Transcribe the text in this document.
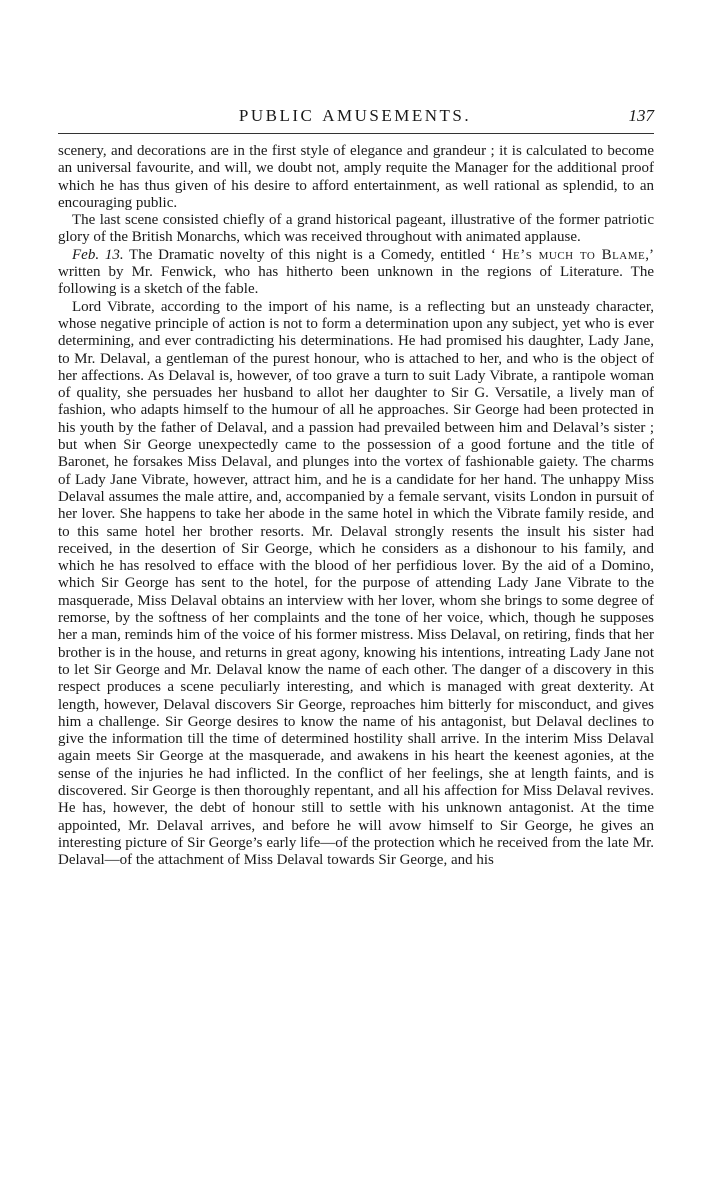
PUBLIC AMUSEMENTS.	137

scenery, and decorations are in the first style of elegance and grandeur ; it is calculated to become an universal favourite, and will, we doubt not, amply requite the Manager for the additional proof which he has thus given of his desire to afford entertainment, as well rational as splendid, to an encouraging public.

The last scene consisted chiefly of a grand historical pageant, illustrative of the former patriotic glory of the British Monarchs, which was received throughout with animated applause.

Feb. 13. The Dramatic novelty of this night is a Comedy, entitled ‘ He’s much to Blame,’ written by Mr. Fenwick, who has hitherto been unknown in the regions of Literature. The following is a sketch of the fable.

Lord Vibrate, according to the import of his name, is a reflecting but an unsteady character, whose negative principle of action is not to form a determination upon any subject, yet who is ever determining, and ever contradicting his determinations. He had promised his daughter, Lady Jane, to Mr. Delaval, a gentleman of the purest honour, who is attached to her, and who is the object of her affections. As Delaval is, however, of too grave a turn to suit Lady Vibrate, a rantipole woman of quality, she persuades her husband to allot her daughter to Sir G. Versatile, a lively man of fashion, who adapts himself to the humour of all he approaches. Sir George had been protected in his youth by the father of Delaval, and a passion had prevailed between him and Delaval’s sister ; but when Sir George unexpectedly came to the possession of a good fortune and the title of Baronet, he forsakes Miss Delaval, and plunges into the vortex of fashionable gaiety. The charms of Lady Jane Vibrate, however, attract him, and he is a candidate for her hand. The unhappy Miss Delaval assumes the male attire, and, accompanied by a female servant, visits London in pursuit of her lover. She happens to take her abode in the same hotel in which the Vibrate family reside, and to this same hotel her brother resorts. Mr. Delaval strongly resents the insult his sister had received, in the desertion of Sir George, which he considers as a dishonour to his family, and which he has resolved to efface with the blood of her perfidious lover. By the aid of a Domino, which Sir George has sent to the hotel, for the purpose of attending Lady Jane Vibrate to the masquerade, Miss Delaval obtains an interview with her lover, whom she brings to some degree of remorse, by the softness of her complaints and the tone of her voice, which, though he supposes her a man, reminds him of the voice of his former mistress. Miss Delaval, on retiring, finds that her brother is in the house, and returns in great agony, knowing his intentions, intreating Lady Jane not to let Sir George and Mr. Delaval know the name of each other. The danger of a discovery in this respect produces a scene peculiarly interesting, and which is managed with great dexterity. At length, however, Delaval discovers Sir George, reproaches him bitterly for misconduct, and gives him a challenge. Sir George desires to know the name of his antagonist, but Delaval declines to give the information till the time of determined hostility shall arrive. In the interim Miss Delaval again meets Sir George at the masquerade, and awakens in his heart the keenest agonies, at the sense of the injuries he had inflicted. In the conflict of her feelings, she at length faints, and is discovered. Sir George is then thoroughly repentant, and all his affection for Miss Delaval revives. He has, however, the debt of honour still to settle with his unknown antagonist. At the time appointed, Mr. Delaval arrives, and before he will avow himself to Sir George, he gives an interesting picture of Sir George’s early life—of the protection which he received from the late Mr. Delaval—of the attachment of Miss Delaval towards Sir George, and his
